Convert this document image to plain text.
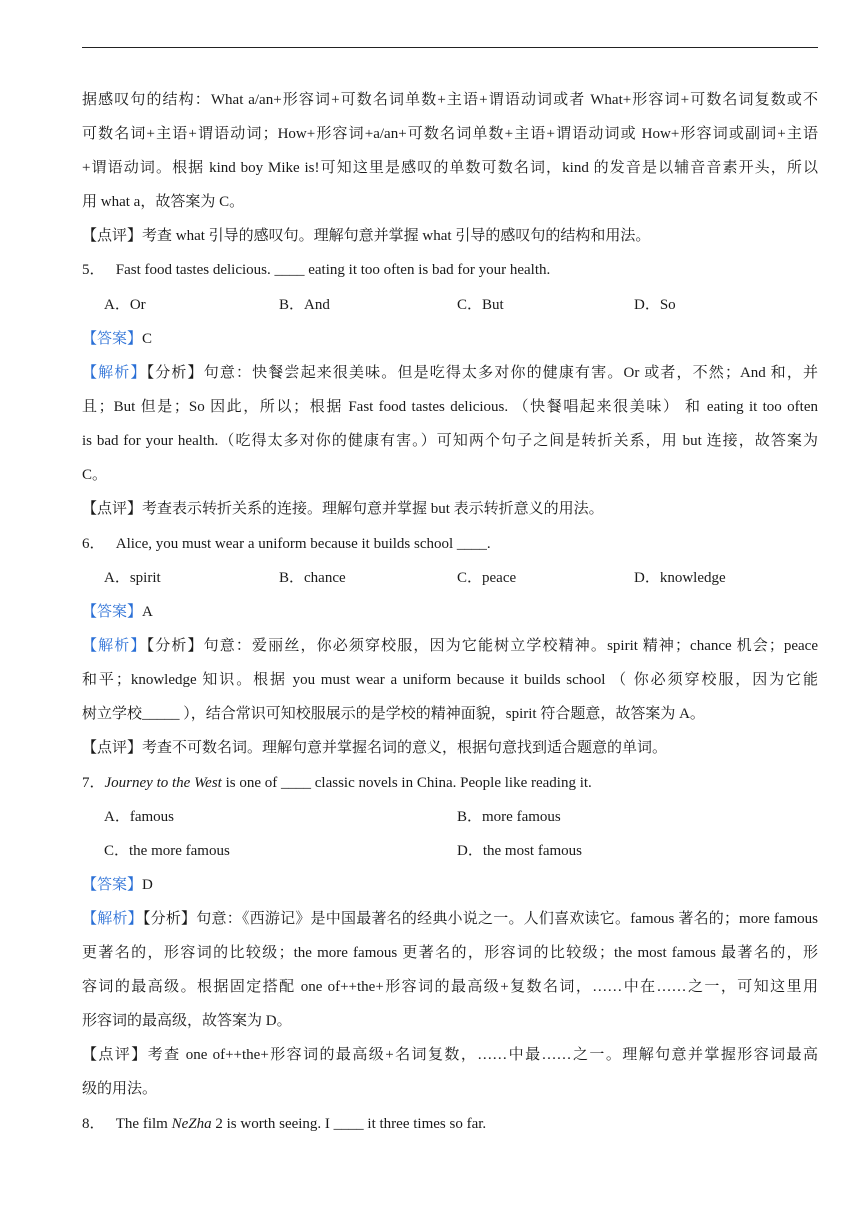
据感叹句的结构：What a/an+形容词+可数名词单数+主语+谓语动词或者 What+形容词+可数名词复数或不
可数名词+主语+谓语动词；How+形容词+a/an+可数名词单数+主语+谓语动词或 How+形容词或副词+主语
+谓语动词。根据 kind boy Mike is!可知这里是感叹的单数可数名词，kind 的发音是以辅音音素开头，所以
用 what a，故答案为 C。
【点评】考查 what 引导的感叹句。理解句意并掌握 what 引导的感叹句的结构和用法。
5． Fast food tastes delicious. ____ eating it too often is bad for your health.
A．Or	B．And	C．But	D．So
【答案】C
【解析】【分析】句意：快餐尝起来很美味。但是吃得太多对你的健康有害。Or 或者，不然；And 和，并
且；But 但是；So 因此，所以；根据 Fast food tastes delicious. （快餐唱起来很美味） 和 eating it too often
is bad for your health.（吃得太多对你的健康有害。）可知两个句子之间是转折关系，用 but 连接，故答案为
C。
【点评】考查表示转折关系的连接。理解句意并掌握 but 表示转折意义的用法。
6． Alice, you must wear a uniform because it builds school ____.
A．spirit	B．chance	C．peace	D．knowledge
【答案】A
【解析】【分析】句意：爱丽丝，你必须穿校服，因为它能树立学校精神。spirit 精神；chance 机会；peace
和平；knowledge 知识。根据 you must wear a uniform because it builds school （ 你必须穿校服，因为它能
树立学校_____ ），结合常识可知校服展示的是学校的精神面貌，spirit 符合题意，故答案为 A。
【点评】考查不可数名词。理解句意并掌握名词的意义，根据句意找到适合题意的单词。
7．Journey to the West is one of ____ classic novels in China. People like reading it.
A．famous	B．more famous
C．the more famous	D．the most famous
【答案】D
【解析】【分析】句意：《西游记》是中国最著名的经典小说之一。人们喜欢读它。famous 著名的；more famous
更著名的，形容词的比较级；the more famous 更著名的，形容词的比较级；the most famous 最著名的，形
容词的最高级。根据固定搭配 one of++the+形容词的最高级+复数名词，……中在……之一，可知这里用
形容词的最高级，故答案为 D。
【点评】考查 one of++the+形容词的最高级+名词复数，……中最……之一。理解句意并掌握形容词最高
级的用法。
8． The film NeZha 2 is worth seeing. I ____ it three times so far.
